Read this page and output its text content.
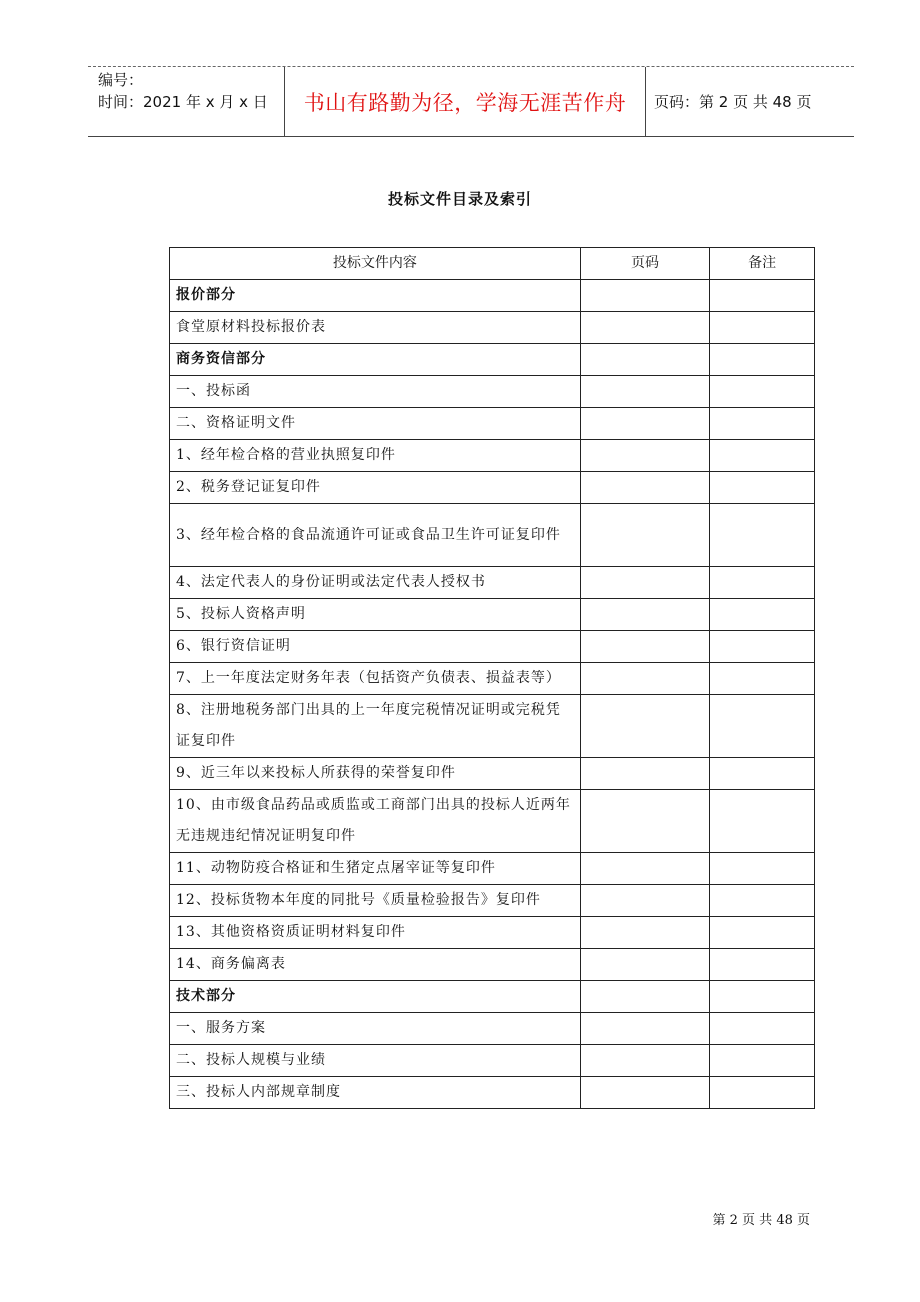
编号：
时间：2021 年 x 月 x 日 书山有路勤为径，学海无涯苦作舟	页码：第 2 页 共 48 页
投标文件目录及索引
投标文件内容	页码	备注
报价部分		
食堂原材料投标报价表		
商务资信部分		
一、投标函		
二、资格证明文件		
1、经年检合格的营业执照复印件		
2、税务登记证复印件		

3、经年检合格的食品流通许可证或食品卫生许可证复印件		

4、法定代表人的身份证明或法定代表人授权书		
5、投标人资格声明		
6、银行资信证明		
7、上一年度法定财务年表（包括资产负债表、损益表等）		

8、注册地税务部门出具的上一年度完税情况证明或完税凭证复印件		

9、近三年以来投标人所获得的荣誉复印件		

10、由市级食品药品或质监或工商部门出具的投标人近两年无违规违纪情况证明复印件		

11、动物防疫合格证和生猪定点屠宰证等复印件		
12、投标货物本年度的同批号《质量检验报告》复印件		
13、其他资格资质证明材料复印件		
14、商务偏离表		
技术部分		
一、服务方案		
二、投标人规模与业绩		
三、投标人内部规章制度		
第 2 页 共 48 页
